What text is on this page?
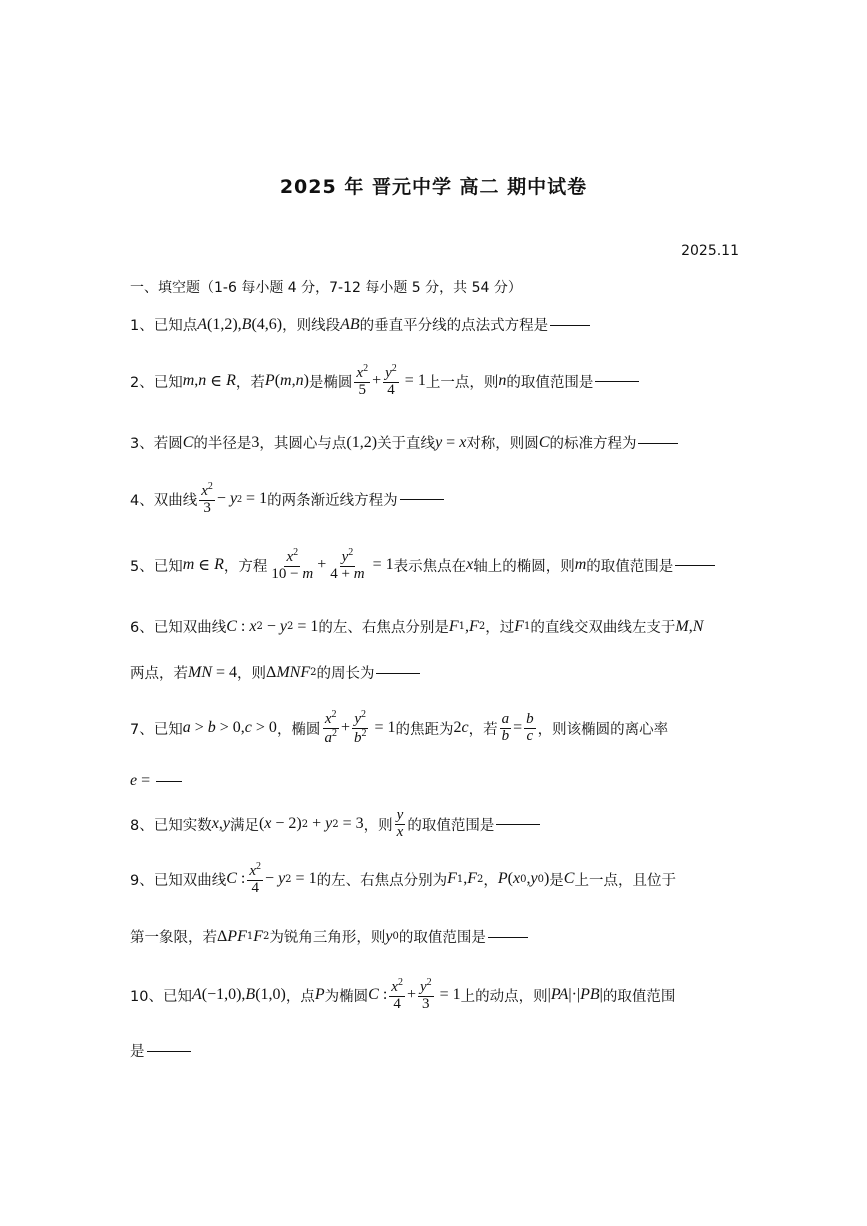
2025 年 晋元中学 高二 期中试卷
2025.11
一、填空题（1-6 每小题 4 分，7-12 每小题 5 分，共 54 分）
1、 已知点 A (1,2), B (4,6) ，则线段 AB 的垂直平分线的点法式方程是
2、 已知 m , n ∈ R ，若 P ( m , n ) 是椭圆 $\frac{x^2}{5} + \frac{y^2}{4} = 1$ 上一点，则 n 的取值范围是
3、 若圆 C 的半径是 3 ，其圆心与点 (1,2) 关于直线 y = x 对称，则圆 C 的标准方程为
4、 双曲线 $\frac{x^2}{3} - y$ 2 = 1 的两条渐近线方程为
5、 已知 m ∈ R ，方程 $\frac{x^2}{10 - m} + \frac{y^2}{4 + m} = 1$ 表示焦点在 x 轴上的椭圆，则 m 的取值范围是
6、 已知双曲线 C : x 2 − y 2 = 1 的左、右焦点分别是 F 1 , F 2 ，过 F 1 的直线交双曲线左支于 M , N
两点，若 MN = 4 ，则 Δ MNF 2 的周长为
7、 已知 a > b > 0, c > 0 ，椭圆 $\frac{x^2}{a^2} + \frac{y^2}{b^2} = 1$ 的焦距为 2 c ，若 $\frac{a}{b} = \frac{b}{c}$ ，则该椭圆的离心率
e =
8、 已知实数 x , y 满足 ( x − 2) 2 + y 2 = 3 ，则 $\frac{y}{x}$ 的取值范围是
9、 已知双曲线 C : $\frac{x^2}{4} - y$ 2 = 1 的左、右焦点分别为 F 1 , F 2 ， P ( x 0 , y 0 ) 是 C 上一点，且位于
第一象限，若 Δ PF 1 F 2 为锐角三角形，则 y 0 的取值范围是
10、 已知 A (−1,0), B (1,0) ，点 P 为椭圆 C : $\frac{x^2}{4} + \frac{y^2}{3} = 1$ 上的动点，则 | PA |·| PB | 的取值范围
是
